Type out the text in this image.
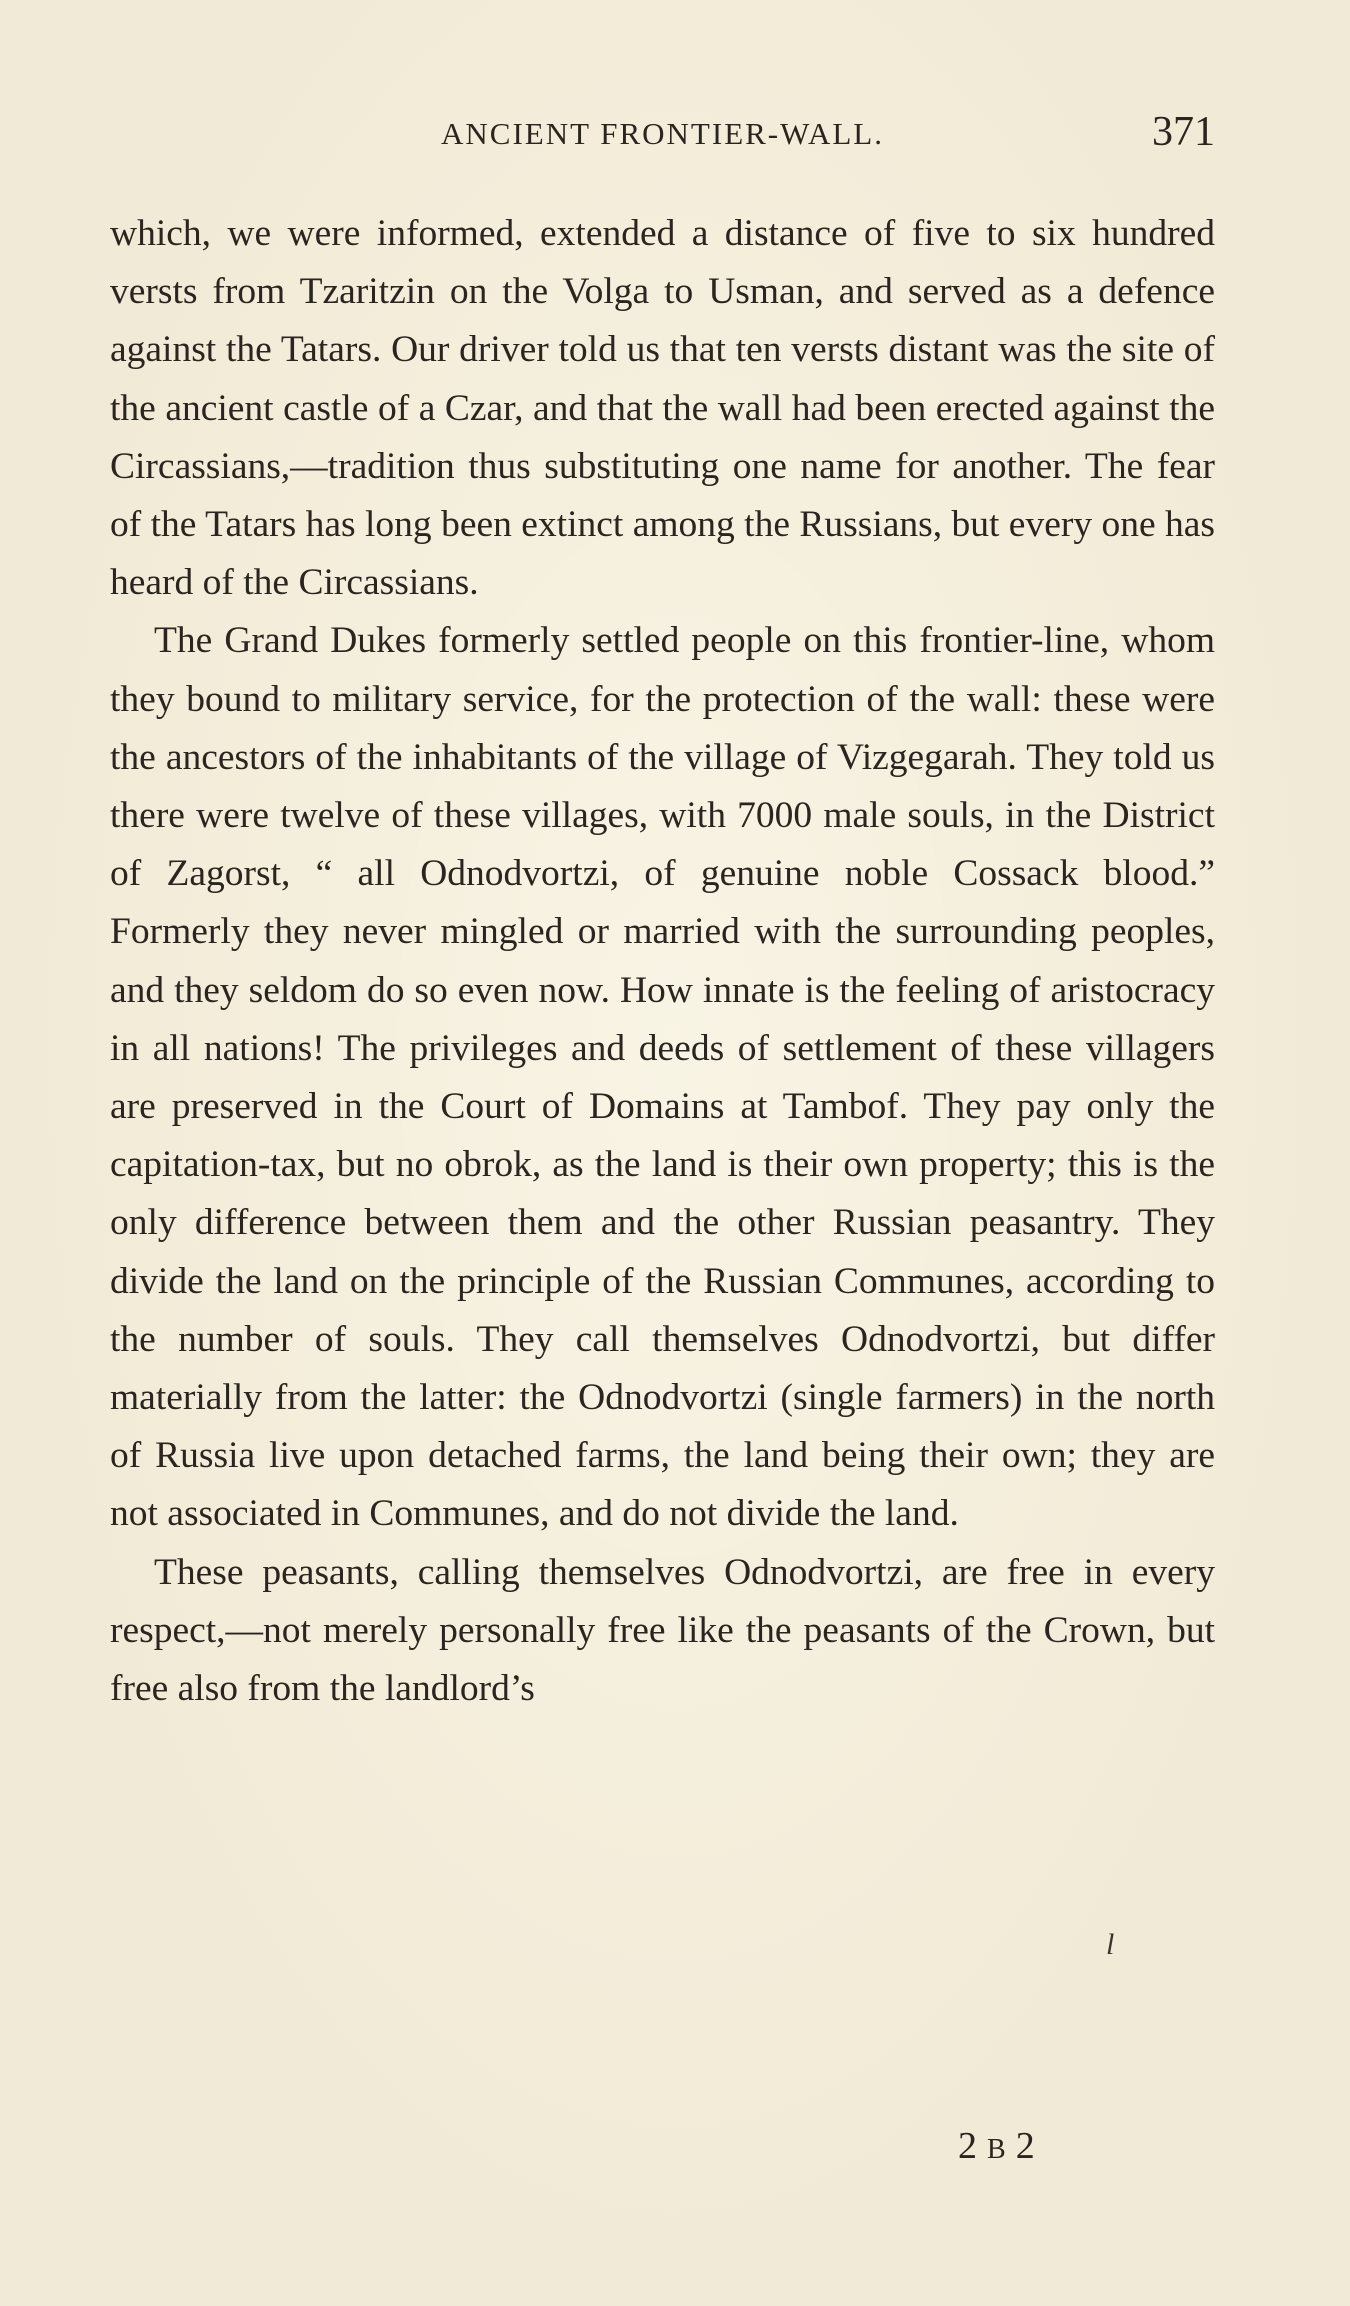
ANCIENT FRONTIER-WALL.	371

which, we were informed, extended a distance of five to six hundred versts from Tzaritzin on the Volga to Usman, and served as a defence against the Tatars. Our driver told us that ten versts distant was the site of the ancient castle of a Czar, and that the wall had been erected against the Circassians,—tradition thus substituting one name for another. The fear of the Tatars has long been extinct among the Russians, but every one has heard of the Circassians.

The Grand Dukes formerly settled people on this frontier-line, whom they bound to military service, for the protection of the wall: these were the ancestors of the inhabitants of the village of Vizgegarah. They told us there were twelve of these villages, with 7000 male souls, in the District of Zagorst, “ all Odnodvortzi, of genuine noble Cossack blood.” Formerly they never mingled or married with the surrounding peoples, and they seldom do so even now. How innate is the feeling of aristocracy in all nations! The privileges and deeds of settlement of these villagers are preserved in the Court of Domains at Tambof. They pay only the capitation-tax, but no obrok, as the land is their own property; this is the only difference between them and the other Russian peasantry. They divide the land on the principle of the Russian Communes, according to the number of souls. They call themselves Odnodvortzi, but differ materially from the latter: the Odnodvortzi (single farmers) in the north of Russia live upon detached farms, the land being their own; they are not associated in Communes, and do not divide the land.

These peasants, calling themselves Odnodvortzi, are free in every respect,—not merely personally free like the peasants of the Crown, but free also from the landlord’s

l
2 B 2
